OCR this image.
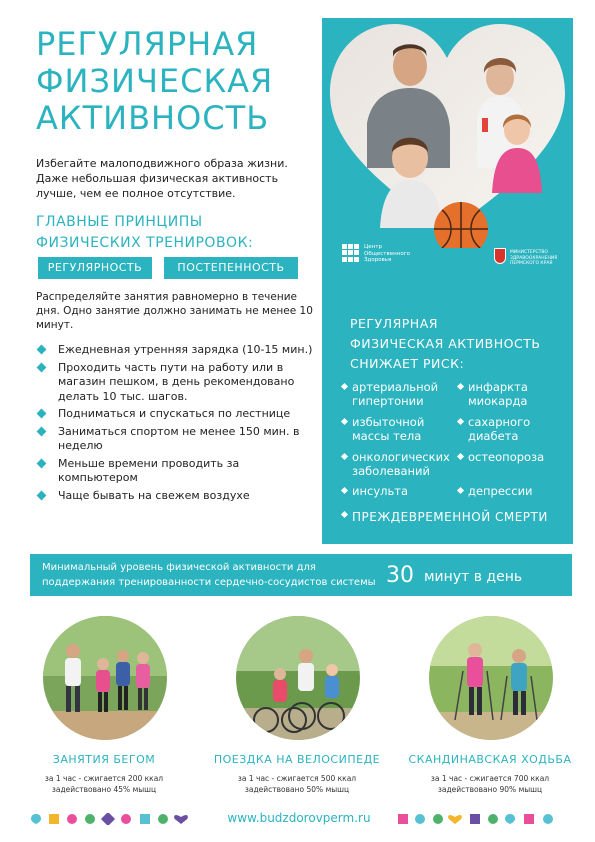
РЕГУЛЯРНАЯ
ФИЗИЧЕСКАЯ
АКТИВНОСТЬ

Избегайте малоподвижного образа жизни. Даже небольшая физическая активность лучше, чем ее полное отсутствие.

ГЛАВНЫЕ ПРИНЦИПЫ
ФИЗИЧЕСКИХ ТРЕНИРОВОК:
РЕГУЛЯРНОСТЬ	ПОСТЕПЕННОСТЬ

Распределяйте занятия равномерно в течение дня. Одно занятие должно занимать не менее 10 минут.

Ежедневная утренняя зарядка (10-15 мин.)
Проходить часть пути на работу или в магазин пешком, в день рекомендовано делать 10 тыс. шагов.
Подниматься и спускаться по лестнице
Заниматься спортом не менее 150 мин. в неделю
Меньше времени проводить за компьютером
Чаще бывать на свежем воздухе
Центр Общественного Здоровья
МИНИСТЕРСТВО ЗДРАВООХРАНЕНИЯ ПЕРМСКОГО КРАЯ
РЕГУЛЯРНАЯ
ФИЗИЧЕСКАЯ АКТИВНОСТЬ
СНИЖАЕТ РИСК:
артериальной гипертонии
инфаркта миокарда
избыточной массы тела
сахарного диабета
онкологических заболеваний
остеопороза
инсульта	депрессии
ПРЕЖДЕВРЕМЕННОЙ СМЕРТИ
Минимальный уровень физической активности для поддержания тренированности сердечно-сосудистов системы 30 минут в день
ЗАНЯТИЯ БЕГОМ
за 1 час - сжигается 200 ккал
задействовано 45% мышц
ПОЕЗДКА НА ВЕЛОСИПЕДЕ
за 1 час - сжигается 500 ккал
задействовано 50% мышц
СКАНДИНАВСКАЯ ХОДЬБА
за 1 час - сжигается 700 ккал
задействовано 90% мышц
www.budzdorovperm.ru
